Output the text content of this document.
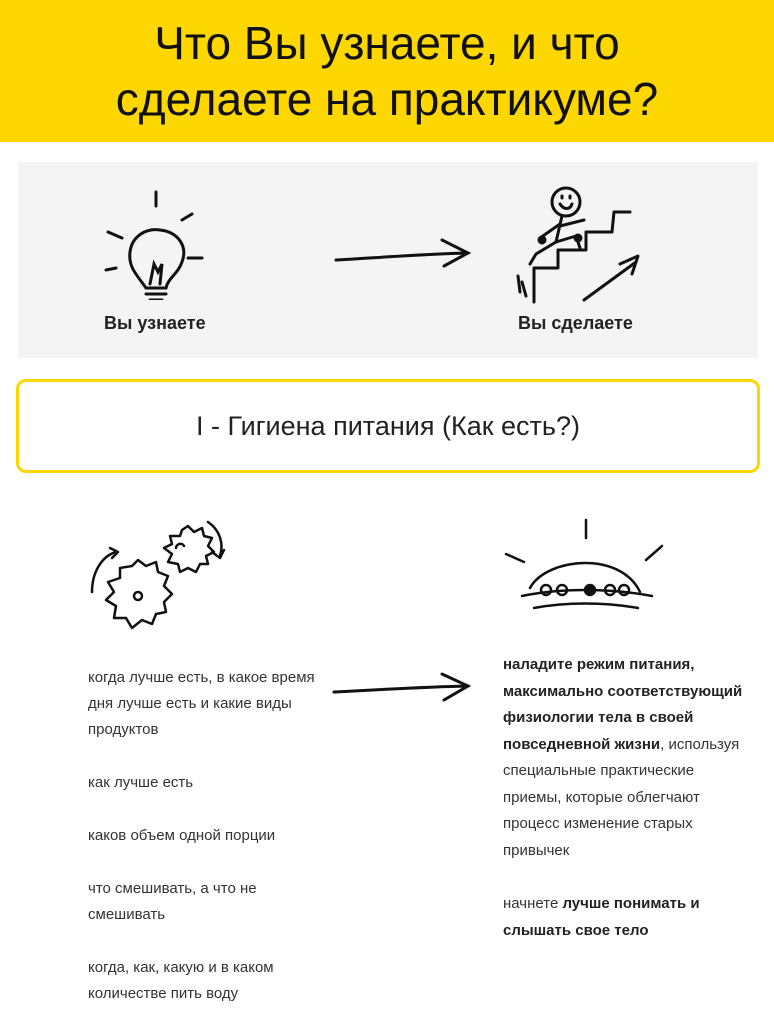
Что Вы узнаете, и что
сделаете на практикуме?
Вы узнаете	Вы сделаете
I - Гигиена питания (Как есть?)

когда лучше есть, в какое время дня лучше есть и какие виды продуктов

как лучше есть

каков объем одной порции

что смешивать, а что не смешивать

когда, как, какую и в каком количестве пить воду

наладите режим питания, максимально соответствующий физиологии тела в своей повседневной жизни, используя специальные практические приемы, которые облегчают процесс изменение старых привычек

начнете лучше понимать и слышать свое тело
